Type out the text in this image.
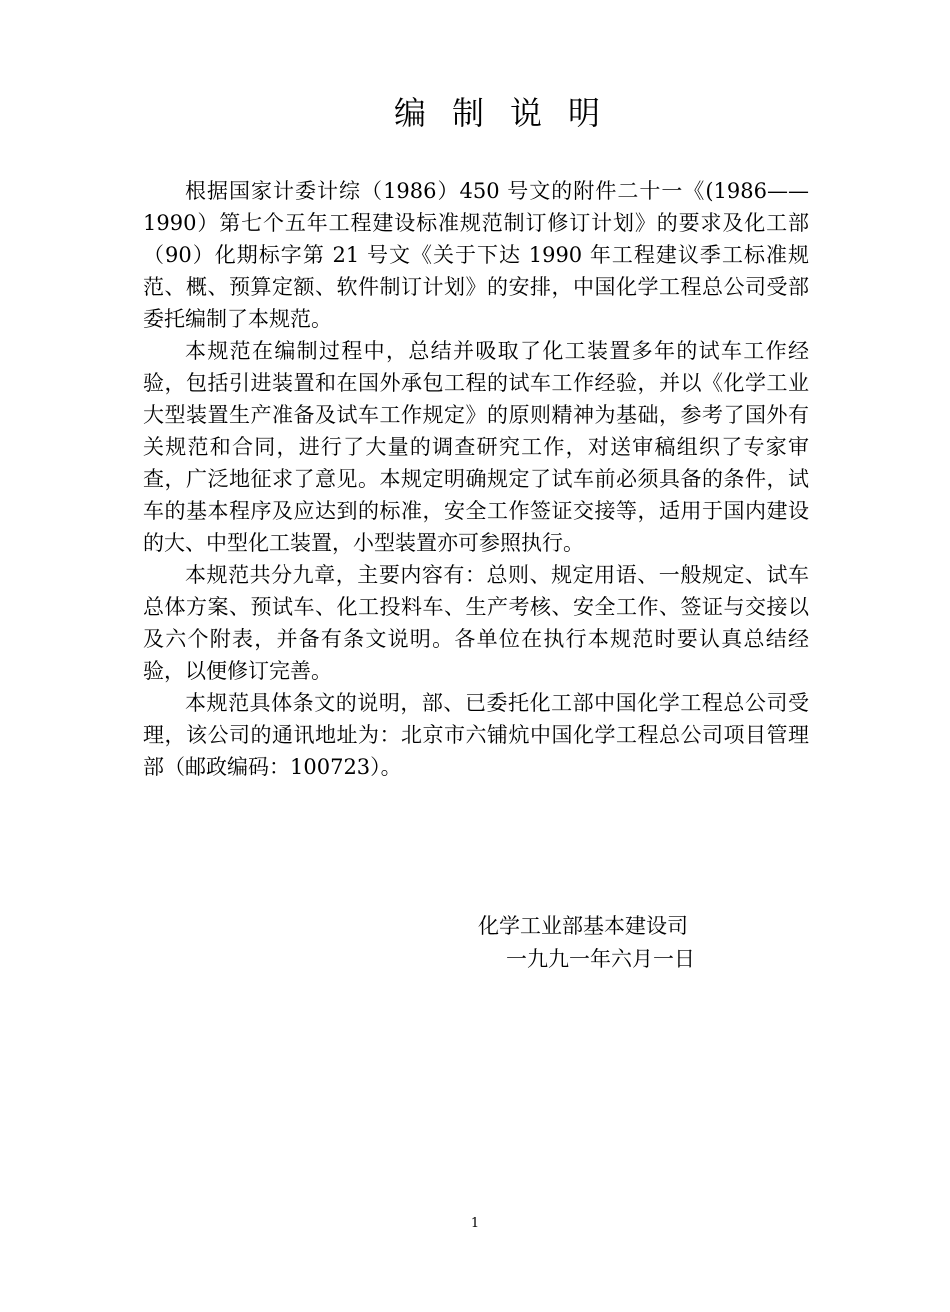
编制说明

根据国家计委计综（1986）450 号文的附件二十一《(1986——1990）第七个五年工程建设标准规范制订修订计划》的要求及化工部（90）化期标字第 21 号文《关于下达 1990 年工程建议季工标准规范、概、预算定额、软件制订计划》的安排，中国化学工程总公司受部委托编制了本规范。

本规范在编制过程中，总结并吸取了化工装置多年的试车工作经验，包括引进装置和在国外承包工程的试车工作经验，并以《化学工业大型装置生产准备及试车工作规定》的原则精神为基础，参考了国外有关规范和合同，进行了大量的调查研究工作，对送审稿组织了专家审查，广泛地征求了意见。本规定明确规定了试车前必须具备的条件，试车的基本程序及应达到的标准，安全工作签证交接等，适用于国内建设的大、中型化工装置，小型装置亦可参照执行。

本规范共分九章，主要内容有：总则、规定用语、一般规定、试车总体方案、预试车、化工投料车、生产考核、安全工作、签证与交接以及六个附表，并备有条文说明。各单位在执行本规范时要认真总结经验，以便修订完善。

本规范具体条文的说明，部、已委托化工部中国化学工程总公司受理，该公司的通讯地址为：北京市六铺炕中国化学工程总公司项目管理部（邮政编码：100723）。

化学工业部基本建设司
一九九一年六月一日
1
